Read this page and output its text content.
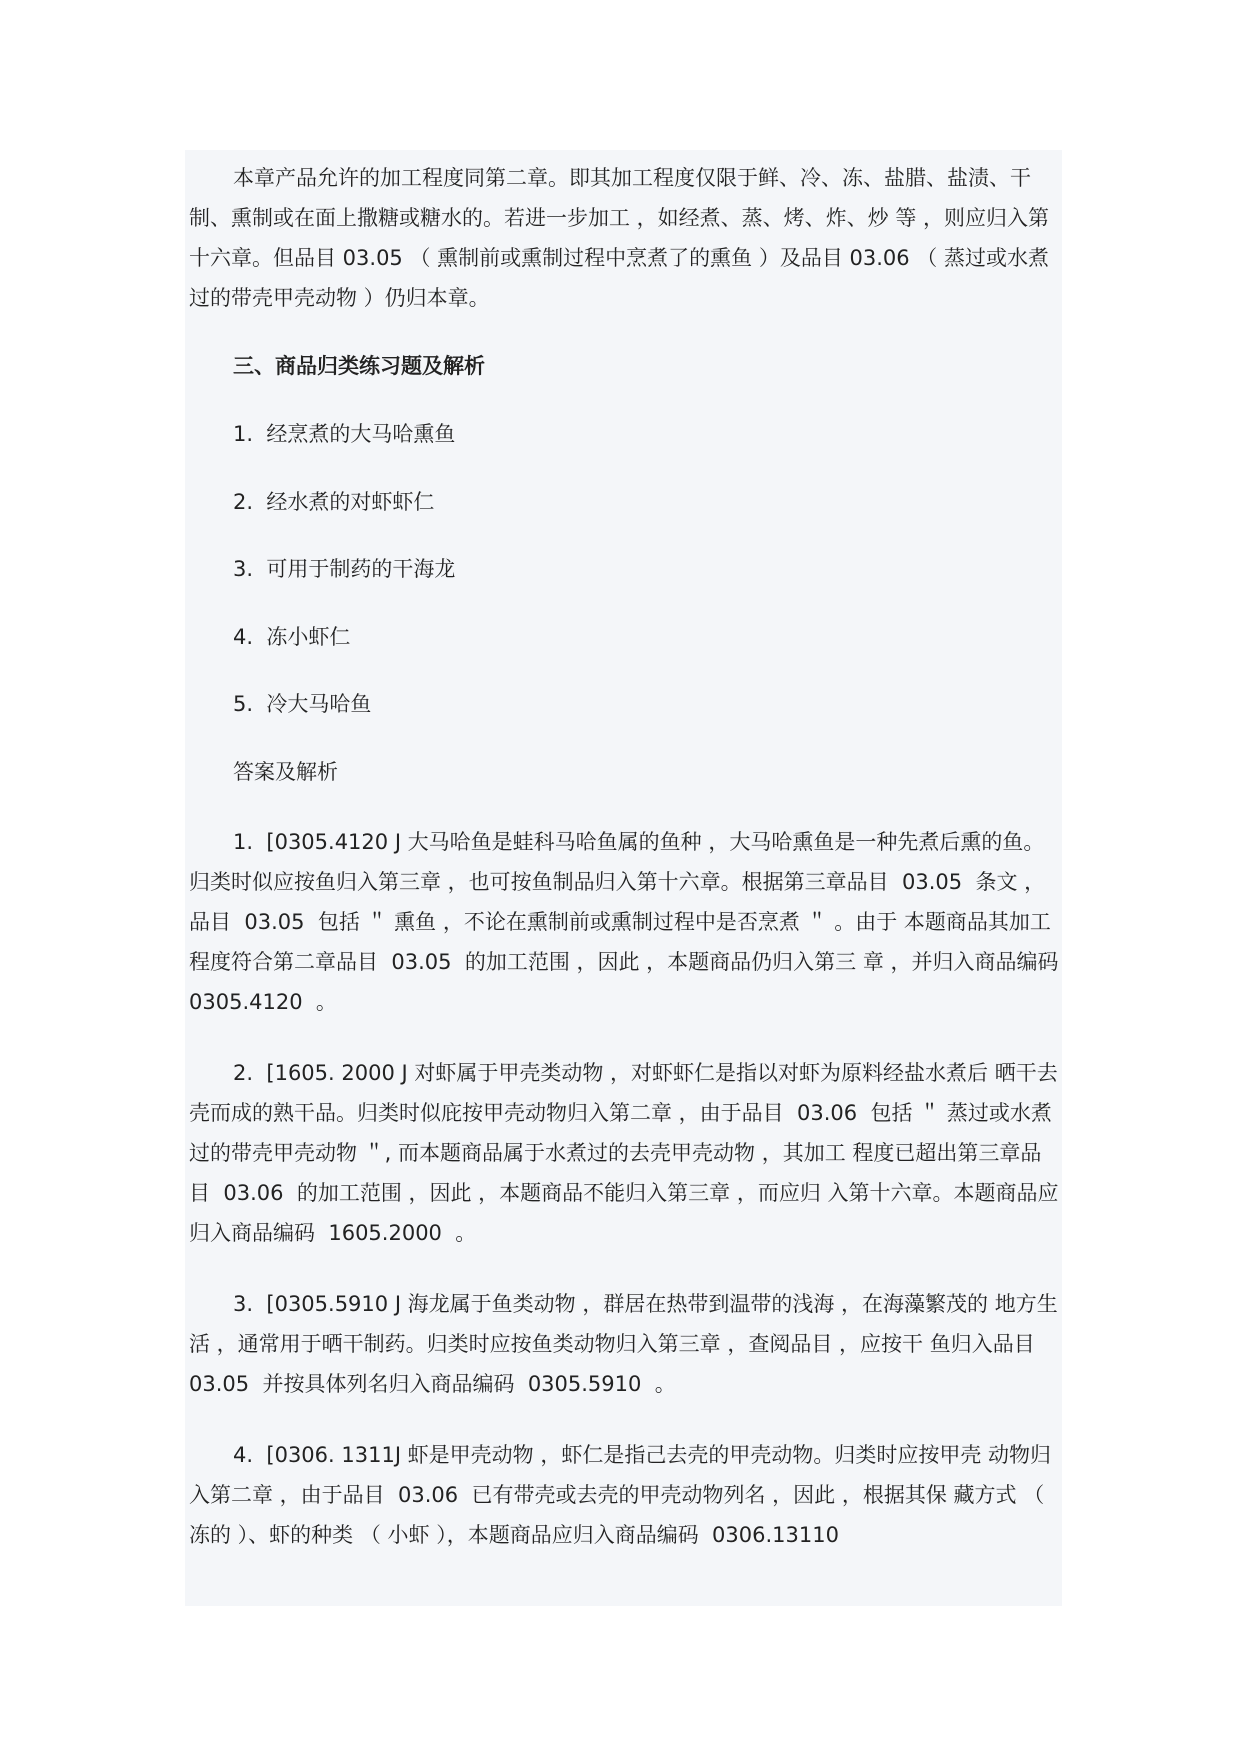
本章产品允许的加工程度同第二章。即其加工程度仅限于鲜、冷、冻、盐腊、盐渍、干制、熏制或在面上撒糖或糖水的。若进一步加工 ，如经煮、蒸、烤、炸、炒 等 ，则应归入第十六章。但品目 03.05 （ 熏制前或熏制过程中烹煮了的熏鱼 ）及品目 03.06 （ 蒸过或水煮过的带壳甲壳动物 ）仍归本章。

三、商品归类练习题及解析

1.  经烹煮的大马哈熏鱼

2.  经水煮的对虾虾仁

3.  可用于制药的干海龙

4.  冻小虾仁

5.  冷大马哈鱼

答案及解析

1.  [0305.4120 J 大马哈鱼是蛙科马哈鱼属的鱼种 ，大马哈熏鱼是一种先煮后熏的鱼。归类时似应按鱼归入第三章 ，也可按鱼制品归入第十六章。根据第三章品目  03.05  条文 ，品目  03.05  包括 ＂ 熏鱼 ，不论在熏制前或熏制过程中是否烹煮 ＂ 。由于 本题商品其加工程度符合第二章品目  03.05  的加工范围 ，因此 ，本题商品仍归入第三 章 ，并归入商品编码  0305.4120  。

2.  [1605. 2000 J 对虾属于甲壳类动物 ，对虾虾仁是指以对虾为原料经盐水煮后 晒干去壳而成的熟干品。归类时似庇按甲壳动物归入第二章 ，由于品目  03.06  包括 ＂ 蒸过或水煮过的带壳甲壳动物 ＂, 而本题商品属于水煮过的去壳甲壳动物 ，其加工 程度已超出第三章品目  03.06  的加工范围 ，因此 ，本题商品不能归入第三章 ，而应归 入第十六章。本题商品应归入商品编码  1605.2000  。

3.  [0305.5910 J 海龙属于鱼类动物 ，群居在热带到温带的浅海 ，在海藻繁茂的 地方生活 ，通常用于晒干制药。归类时应按鱼类动物归入第三章 ，查阅品目 ，应按干 鱼归入品目  03.05  并按具体列名归入商品编码  0305.5910  。

4.  [0306. 1311J 虾是甲壳动物 ，虾仁是指己去壳的甲壳动物。归类时应按甲壳 动物归入第二章 ，由于品目  03.06  已有带壳或去壳的甲壳动物列名 ，因此 ，根据其保 藏方式 （ 冻的 ）、虾的种类 （ 小虾 ），本题商品应归入商品编码  0306.13110
